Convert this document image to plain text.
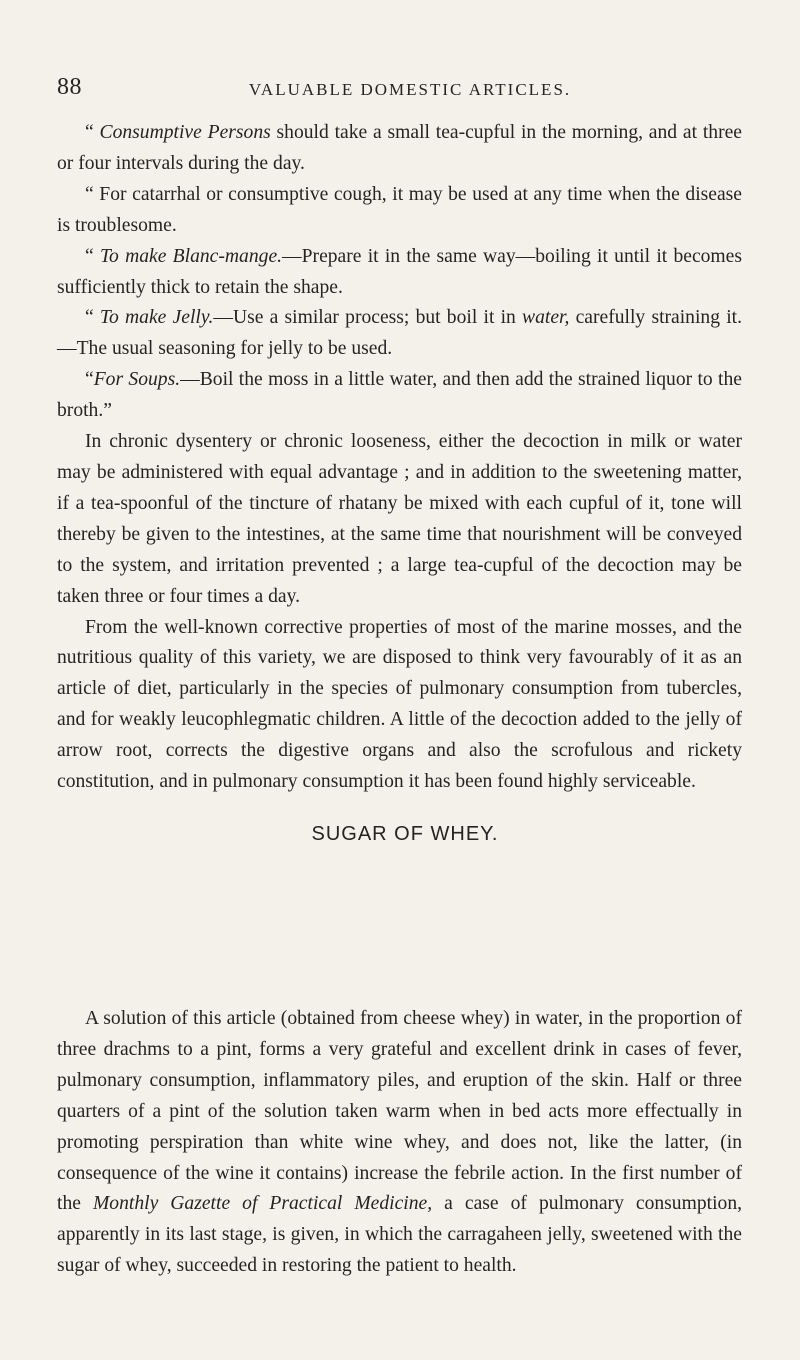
88	VALUABLE DOMESTIC ARTICLES.

“ Consumptive Persons should take a small tea-cupful in the morning, and at three or four intervals during the day.

“ For catarrhal or consumptive cough, it may be used at any time when the disease is troublesome.

“ To make Blanc-mange.—Prepare it in the same way—boiling it until it becomes sufficiently thick to retain the shape.

“ To make Jelly.—Use a similar process; but boil it in water, carefully straining it.—The usual seasoning for jelly to be used.

“For Soups.—Boil the moss in a little water, and then add the strained liquor to the broth.”

In chronic dysentery or chronic looseness, either the decoction in milk or water may be administered with equal advantage ; and in addition to the sweetening matter, if a tea-spoonful of the tincture of rhatany be mixed with each cupful of it, tone will thereby be given to the intestines, at the same time that nourishment will be conveyed to the system, and irritation prevented ; a large tea-cupful of the decoction may be taken three or four times a day.

From the well-known corrective properties of most of the marine mosses, and the nutritious quality of this variety, we are disposed to think very favourably of it as an article of diet, particularly in the species of pulmonary consumption from tubercles, and for weakly leucophlegmatic children. A little of the decoction added to the jelly of arrow root, corrects the digestive organs and also the scrofulous and rickety constitution, and in pulmonary consumption it has been found highly serviceable.

SUGAR OF WHEY.

A solution of this article (obtained from cheese whey) in water, in the proportion of three drachms to a pint, forms a very grateful and excellent drink in cases of fever, pulmonary consumption, inflammatory piles, and eruption of the skin. Half or three quarters of a pint of the solution taken warm when in bed acts more effectually in promoting perspiration than white wine whey, and does not, like the latter, (in consequence of the wine it contains) increase the febrile action. In the first number of the Monthly Gazette of Practical Medicine, a case of pulmonary consumption, apparently in its last stage, is given, in which the carragaheen jelly, sweetened with the sugar of whey, succeeded in restoring the patient to health.
